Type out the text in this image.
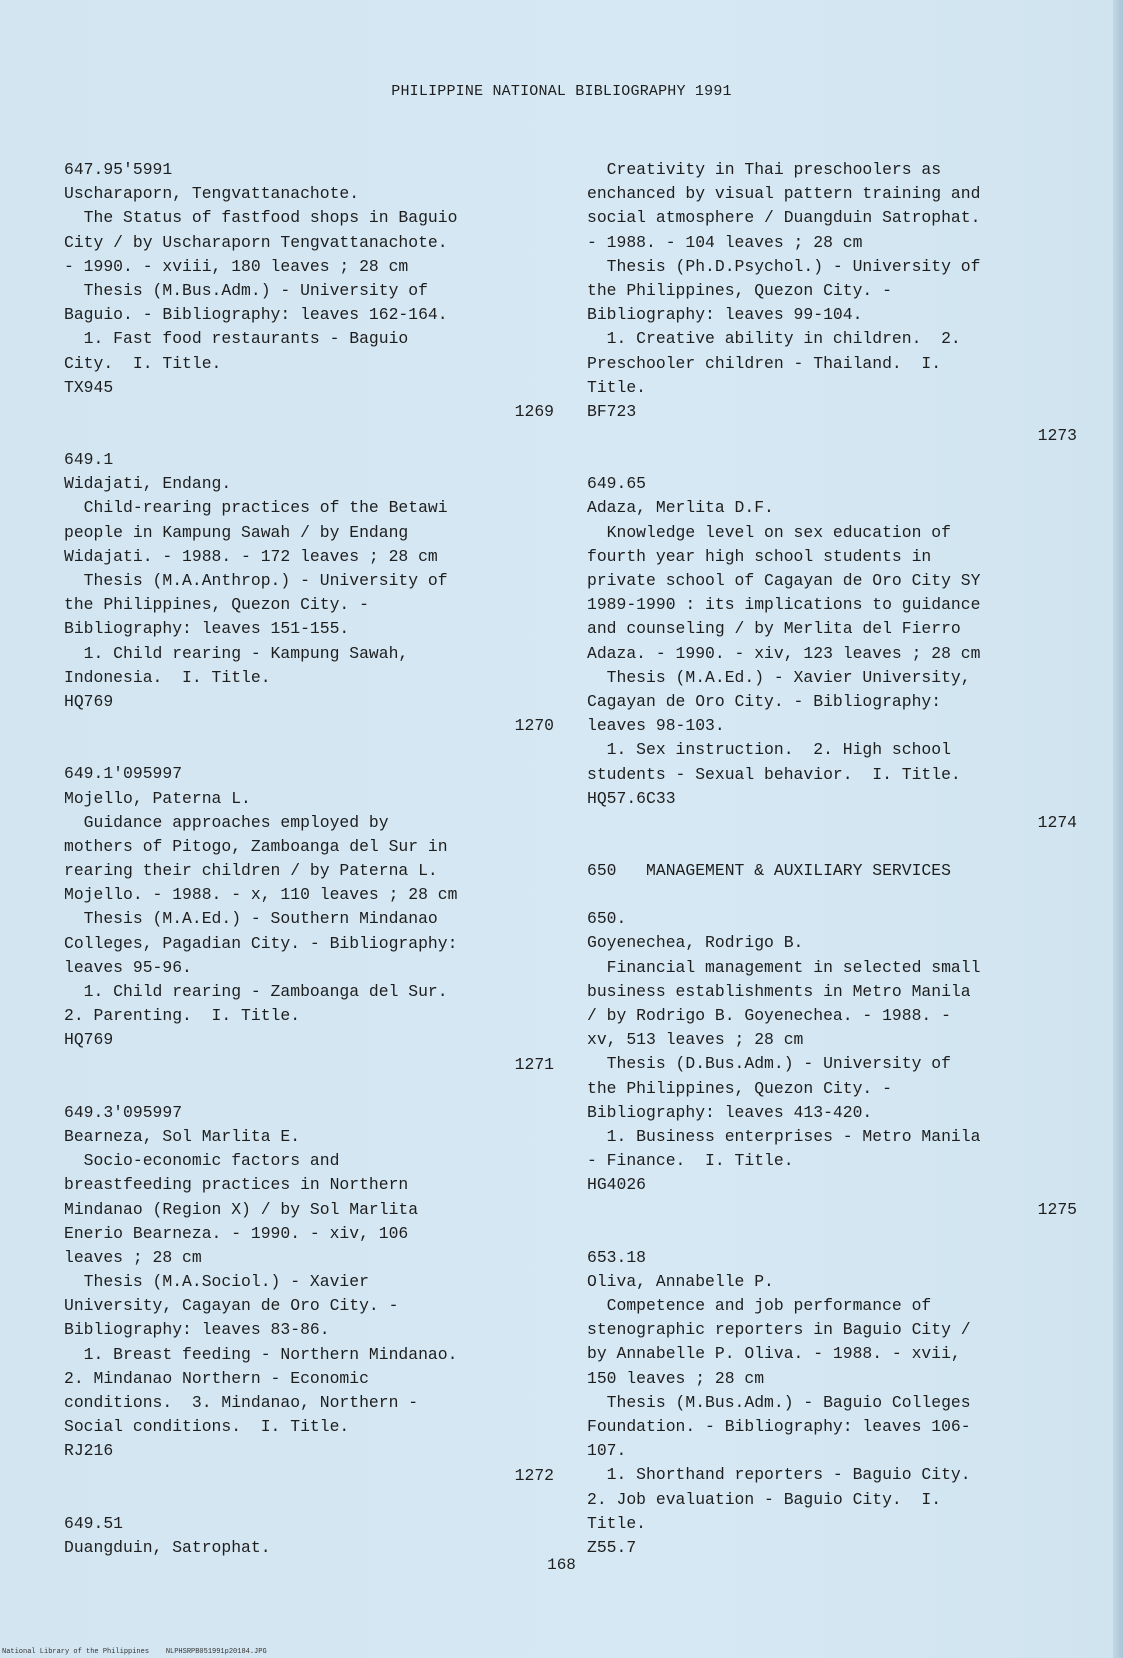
PHILIPPINE NATIONAL BIBLIOGRAPHY 1991
647.95'5991
Uscharaporn, Tengvattanachote.
The Status of fastfood shops in Baguio
City / by Uscharaporn Tengvattanachote.
- 1990. - xviii, 180 leaves ; 28 cm
Thesis (M.Bus.Adm.) - University of
Baguio. - Bibliography: leaves 162-164.
1. Fast food restaurants - Baguio
City.  I. Title.
TX945
1269
649.1
Widajati, Endang.
Child-rearing practices of the Betawi
people in Kampung Sawah / by Endang
Widajati. - 1988. - 172 leaves ; 28 cm
Thesis (M.A.Anthrop.) - University of
the Philippines, Quezon City. -
Bibliography: leaves 151-155.
1. Child rearing - Kampung Sawah,
Indonesia.  I. Title.
HQ769
1270
649.1'095997
Mojello, Paterna L.
Guidance approaches employed by
mothers of Pitogo, Zamboanga del Sur in
rearing their children / by Paterna L.
Mojello. - 1988. - x, 110 leaves ; 28 cm
Thesis (M.A.Ed.) - Southern Mindanao
Colleges, Pagadian City. - Bibliography:
leaves 95-96.
1. Child rearing - Zamboanga del Sur.
2. Parenting.  I. Title.
HQ769
1271
649.3'095997
Bearneza, Sol Marlita E.
Socio-economic factors and
breastfeeding practices in Northern
Mindanao (Region X) / by Sol Marlita
Enerio Bearneza. - 1990. - xiv, 106
leaves ; 28 cm
Thesis (M.A.Sociol.) - Xavier
University, Cagayan de Oro City. -
Bibliography: leaves 83-86.
1. Breast feeding - Northern Mindanao.
2. Mindanao Northern - Economic
conditions.  3. Mindanao, Northern -
Social conditions.  I. Title.
RJ216
1272
649.51
Duangduin, Satrophat.
Creativity in Thai preschoolers as
enchanced by visual pattern training and
social atmosphere / Duangduin Satrophat.
- 1988. - 104 leaves ; 28 cm
Thesis (Ph.D.Psychol.) - University of
the Philippines, Quezon City. -
Bibliography: leaves 99-104.
1. Creative ability in children.  2.
Preschooler children - Thailand.  I.
Title.
BF723
1273
649.65
Adaza, Merlita D.F.
Knowledge level on sex education of
fourth year high school students in
private school of Cagayan de Oro City SY
1989-1990 : its implications to guidance
and counseling / by Merlita del Fierro
Adaza. - 1990. - xiv, 123 leaves ; 28 cm
Thesis (M.A.Ed.) - Xavier University,
Cagayan de Oro City. - Bibliography:
leaves 98-103.
1. Sex instruction.  2. High school
students - Sexual behavior.  I. Title.
HQ57.6C33
1274
650   MANAGEMENT & AUXILIARY SERVICES
650.
Goyenechea, Rodrigo B.
Financial management in selected small
business establishments in Metro Manila
/ by Rodrigo B. Goyenechea. - 1988. -
xv, 513 leaves ; 28 cm
Thesis (D.Bus.Adm.) - University of
the Philippines, Quezon City. -
Bibliography: leaves 413-420.
1. Business enterprises - Metro Manila
- Finance.  I. Title.
HG4026
1275
653.18
Oliva, Annabelle P.
Competence and job performance of
stenographic reporters in Baguio City /
by Annabelle P. Oliva. - 1988. - xvii,
150 leaves ; 28 cm
Thesis (M.Bus.Adm.) - Baguio Colleges
Foundation. - Bibliography: leaves 106-
107.
1. Shorthand reporters - Baguio City.
2. Job evaluation - Baguio City.  I.
Title.
Z55.7
168
National Library of the Philippines    NLPHSRPB051991p20184.JPG
